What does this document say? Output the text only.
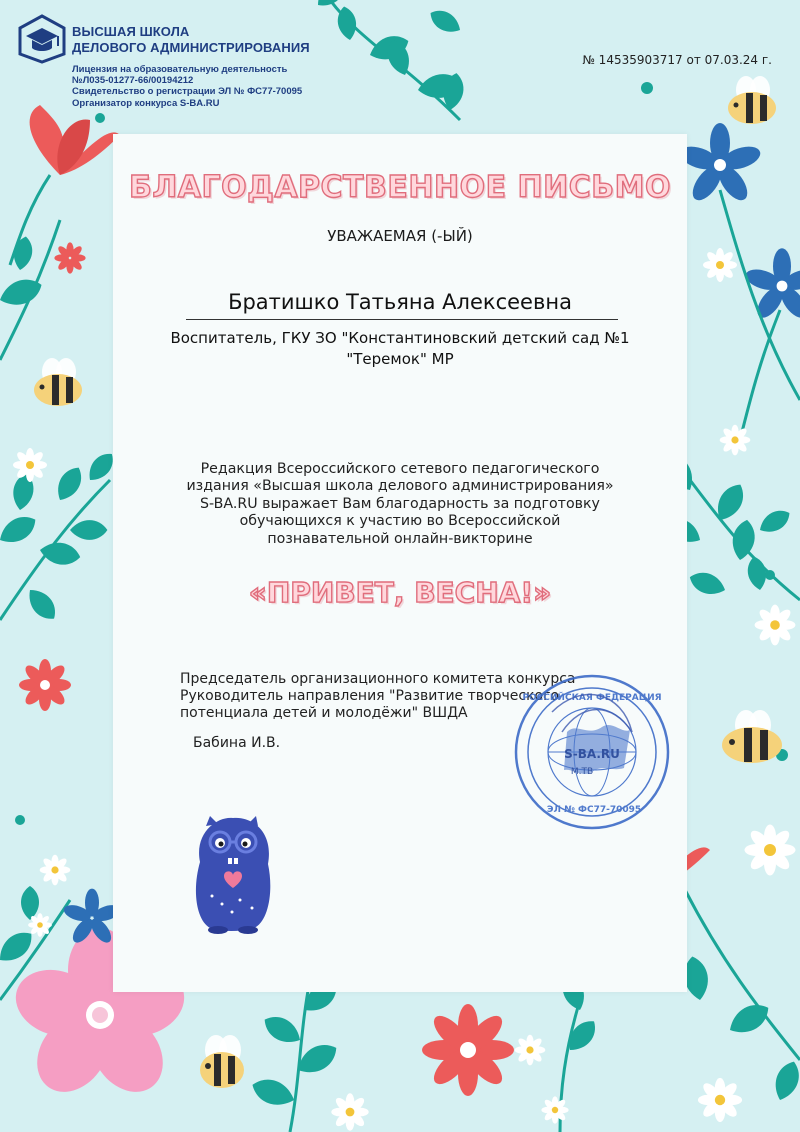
ВЫСШАЯ ШКОЛА
ДЕЛОВОГО АДМИНИСТРИРОВАНИЯ
Лицензия на образовательную деятельность
№Л035-01277-66/00194212
Свидетельство о регистрации ЭЛ № ФС77-70095
Организатор конкурса S-BA.RU
№ 14535903717 от 07.03.24 г.
БЛАГОДАРСТВЕННОЕ ПИСЬМО
УВАЖАЕМАЯ (-ЫЙ)
Братишко Татьяна Алексеевна
Воспитатель, ГКУ ЗО "Константиновский детский сад №1
"Теремок" МР
Редакция Всероссийского сетевого педагогического
издания «Высшая школа делового администрирования»
S-BA.RU выражает Вам благодарность за подготовку
обучающихся к участию во Всероссийской
познавательной онлайн-викторине
«ПРИВЕТ, ВЕСНА!»
Председатель организационного комитета конкурса
Руководитель направления "Развитие творческого
потенциала детей и молодёжи" ВШДА
Бабина И.В.
РОССИЙСКАЯ ФЕДЕРАЦИЯ
S-BA.RU
М.ТВ
ЭЛ № ФС77-70095
